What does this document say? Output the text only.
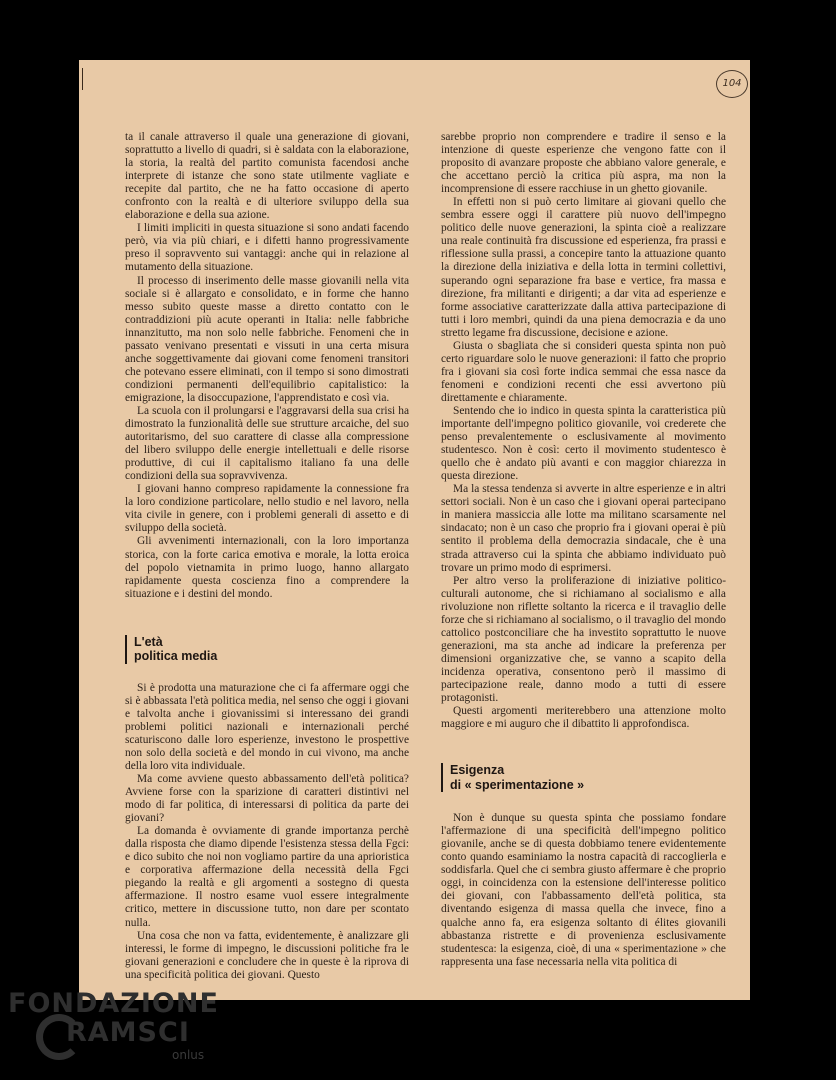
104

ta il canale attraverso il quale una generazione di giovani, soprattutto a livello di quadri, si è saldata con la elaborazione, la storia, la realtà del partito comunista facendosi anche interprete di istanze che sono state utilmente vagliate e recepite dal partito, che ne ha fatto occasione di aperto confronto con la realtà e di ulteriore sviluppo della sua elaborazione e della sua azione.

I limiti impliciti in questa situazione si sono andati facendo però, via via più chiari, e i difetti hanno progressivamente preso il sopravvento sui vantaggi: anche qui in relazione al mutamento della situazione.

Il processo di inserimento delle masse giovanili nella vita sociale si è allargato e consolidato, e in forme che hanno messo subito queste masse a diretto contatto con le contraddizioni più acute operanti in Italia: nelle fabbriche innanzitutto, ma non solo nelle fabbriche. Fenomeni che in passato venivano presentati e vissuti in una certa misura anche soggettivamente dai giovani come fenomeni transitori che potevano essere eliminati, con il tempo si sono dimostrati condizioni permanenti dell'equilibrio capitalistico: la emigrazione, la disoccupazione, l'apprendistato e così via.

La scuola con il prolungarsi e l'aggravarsi della sua crisi ha dimostrato la funzionalità delle sue strutture arcaiche, del suo autoritarismo, del suo carattere di classe alla compressione del libero sviluppo delle energie intellettuali e delle risorse produttive, di cui il capitalismo italiano fa una delle condizioni della sua sopravvivenza.

I giovani hanno compreso rapidamente la connessione fra la loro condizione particolare, nello studio e nel lavoro, nella vita civile in genere, con i problemi generali di assetto e di sviluppo della società.

Gli avvenimenti internazionali, con la loro importanza storica, con la forte carica emotiva e morale, la lotta eroica del popolo vietnamita in primo luogo, hanno allargato rapidamente questa coscienza fino a comprendere la situazione e i destini del mondo.

L'età
politica media

Si è prodotta una maturazione che ci fa affermare oggi che si è abbassata l'età politica media, nel senso che oggi i giovani e talvolta anche i giovanissimi si interessano dei grandi problemi politici nazionali e internazionali perché scaturiscono dalle loro esperienze, investono le prospettive non solo della società e del mondo in cui vivono, ma anche della loro vita individuale.

Ma come avviene questo abbassamento dell'età politica? Avviene forse con la sparizione di caratteri distintivi nel modo di far politica, di interessarsi di politica da parte dei giovani?

La domanda è ovviamente di grande importanza perchè dalla risposta che diamo dipende l'esistenza stessa della Fgci: e dico subito che noi non vogliamo partire da una aprioristica e corporativa affermazione della necessità della Fgci piegando la realtà e gli argomenti a sostegno di questa affermazione. Il nostro esame vuol essere integralmente critico, mettere in discussione tutto, non dare per scontato nulla.

Una cosa che non va fatta, evidentemente, è analizzare gli interessi, le forme di impegno, le discussioni politiche fra le giovani generazioni e concludere che in queste è la riprova di una specificità politica dei giovani. Questo

sarebbe proprio non comprendere e tradire il senso e la intenzione di queste esperienze che vengono fatte con il proposito di avanzare proposte che abbiano valore generale, e che accettano perciò la critica più aspra, ma non la incomprensione di essere racchiuse in un ghetto giovanile.

In effetti non si può certo limitare ai giovani quello che sembra essere oggi il carattere più nuovo dell'impegno politico delle nuove generazioni, la spinta cioè a realizzare una reale continuità fra discussione ed esperienza, fra prassi e riflessione sulla prassi, a concepire tanto la attuazione quanto la direzione della iniziativa e della lotta in termini collettivi, superando ogni separazione fra base e vertice, fra massa e direzione, fra militanti e dirigenti; a dar vita ad esperienze e forme associative caratterizzate dalla attiva partecipazione di tutti i loro membri, quindi da una piena democrazia e da uno stretto legame fra discussione, decisione e azione.

Giusta o sbagliata che si consideri questa spinta non può certo riguardare solo le nuove generazioni: il fatto che proprio fra i giovani sia così forte indica semmai che essa nasce da fenomeni e condizioni recenti che essi avvertono più direttamente e chiaramente.

Sentendo che io indico in questa spinta la caratteristica più importante dell'impegno politico giovanile, voi crederete che penso prevalentemente o esclusivamente al movimento studentesco. Non è così: certo il movimento studentesco è quello che è andato più avanti e con maggior chiarezza in questa direzione.

Ma la stessa tendenza si avverte in altre esperienze e in altri settori sociali. Non è un caso che i giovani operai partecipano in maniera massiccia alle lotte ma militano scarsamente nel sindacato; non è un caso che proprio fra i giovani operai è più sentito il problema della democrazia sindacale, che è una strada attraverso cui la spinta che abbiamo individuato può trovare un primo modo di esprimersi.

Per altro verso la proliferazione di iniziative politico-culturali autonome, che si richiamano al socialismo e alla rivoluzione non riflette soltanto la ricerca e il travaglio delle forze che si richiamano al socialismo, o il travaglio del mondo cattolico postconciliare che ha investito soprattutto le nuove generazioni, ma sta anche ad indicare la preferenza per dimensioni organizzative che, se vanno a scapito della incidenza operativa, consentono però il massimo di partecipazione reale, danno modo a tutti di essere protagonisti.

Questi argomenti meriterebbero una attenzione molto maggiore e mi auguro che il dibattito li approfondisca.

Esigenza
di « sperimentazione »

Non è dunque su questa spinta che possiamo fondare l'affermazione di una specificità dell'impegno politico giovanile, anche se di questa dobbiamo tenere evidentemente conto quando esaminiamo la nostra capacità di raccoglierla e soddisfarla. Quel che ci sembra giusto affermare è che proprio oggi, in coincidenza con la estensione dell'interesse politico dei giovani, con l'abbassamento dell'età politica, sta diventando esigenza di massa quella che invece, fino a qualche anno fa, era esigenza soltanto di élites giovanili abbastanza ristrette e di provenienza esclusivamente studentesca: la esigenza, cioè, di una « sperimentazione » che rappresenta una fase necessaria nella vita politica di

FONDAZIONE
RAMSCI
onlus
